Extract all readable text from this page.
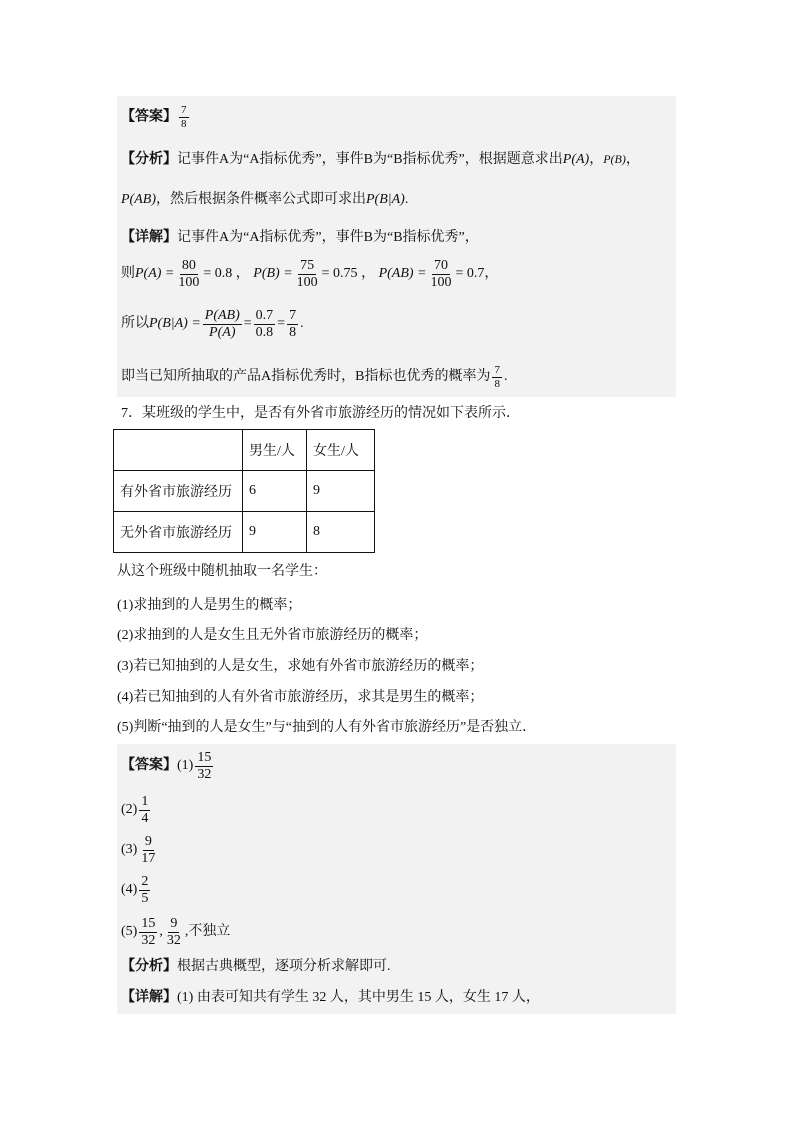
【答案】 $\frac{7}{8}$
【分析】记事件A为“A指标优秀”，事件B为“B指标优秀”，根据题意求出P(A)，P(B)，
P(AB)，然后根据条件概率公式即可求出P(B|A).
【详解】记事件A为“A指标优秀”，事件B为“B指标优秀”，
则 $P(A) = \frac{80}{100} = 0.8$ ， $P(B) = \frac{75}{100} = 0.75$ ， $P(AB) = \frac{70}{100} = 0.7$ ，
所以 $P(B|A) = \frac{P(AB)}{P(A)} = \frac{0.7}{0.8} = \frac{7}{8}$ .
即当已知所抽取的产品A指标优秀时，B指标也优秀的概率为 $\frac{7}{8}$ .
7．某班级的学生中，是否有外省市旅游经历的情况如下表所示．
	男生/人	女生/人
有外省市旅游经历	6	9
无外省市旅游经历	9	8
从这个班级中随机抽取一名学生：
(1)求抽到的人是男生的概率；
(2)求抽到的人是女生且无外省市旅游经历的概率；
(3)若已知抽到的人是女生，求她有外省市旅游经历的概率；
(4)若已知抽到的人有外省市旅游经历，求其是男生的概率；
(5)判断“抽到的人是女生”与“抽到的人有外省市旅游经历”是否独立．
【答案】 $(1) \frac{15}{32}$
$(2) \frac{1}{4}$
$(3) \frac{9}{17}$
$(4) \frac{2}{5}$
$(5) \frac{15}{32}$ , $\frac{9}{32}$ ,不独立
【分析】根据古典概型，逐项分析求解即可.
【详解】(1) 由表可知共有学生 32 人，其中男生 15 人，女生 17 人，
